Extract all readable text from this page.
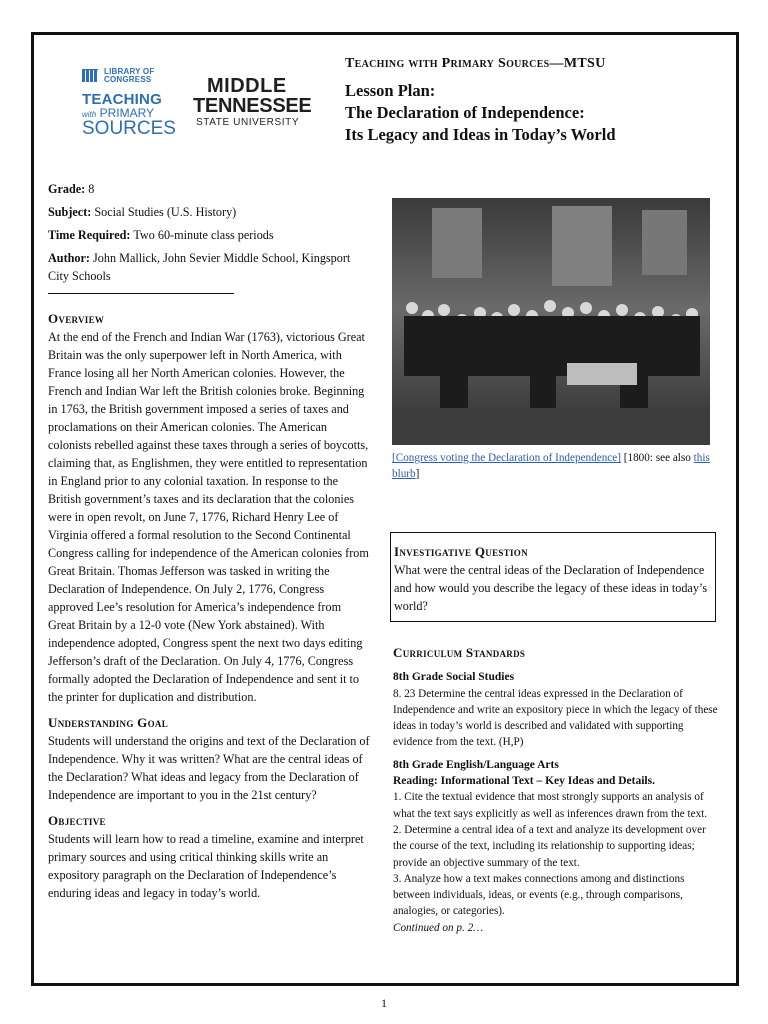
LIBRARY OF
CONGRESS
TEACHING
with PRIMARY
SOURCES
MIDDLE
TENNESSEE
STATE UNIVERSITY
Teaching with Primary Sources—MTSU
Lesson Plan:
The Declaration of Independence:
Its Legacy and Ideas in Today’s World

Grade: 8

Subject: Social Studies (U.S. History)

Time Required: Two 60-minute class periods

Author: John Mallick, John Sevier Middle School, Kingsport City Schools

Overview

At the end of the French and Indian War (1763), victorious Great Britain was the only superpower left in North America, with France losing all her North American colonies. However, the French and Indian War left the British colonies broke. Beginning in 1763, the British government imposed a series of taxes and proclamations on their American colonies. The American colonists rebelled against these taxes through a series of boycotts, claiming that, as Englishmen, they were entitled to representation in England prior to any colonial taxation. In response to the British government’s taxes and its declaration that the colonies were in open revolt, on June 7, 1776, Richard Henry Lee of Virginia offered a formal resolution to the Second Continental Congress calling for independence of the American colonies from Great Britain. Thomas Jefferson was tasked in writing the Declaration of Independence. On July 2, 1776, Congress approved Lee’s resolution for America’s independence from Great Britain by a 12-0 vote (New York abstained). With independence adopted, Congress spent the next two days editing Jefferson’s draft of the Declaration. On July 4, 1776, Congress formally adopted the Declaration of Independence and sent it to the printer for duplication and distribution.

Understanding Goal

Students will understand the origins and text of the Declaration of Independence. Why it was written? What are the central ideas of the Declaration? What ideas and legacy from the Declaration of Independence are important to you in the 21st century?

Objective

Students will learn how to read a timeline, examine and interpret primary sources and using critical thinking skills write an expository paragraph on the Declaration of Independence’s enduring ideas and legacy in today’s world.

[Congress voting the Declaration of Independence] [1800: see also this blurb]

Investigative Question

What were the central ideas of the Declaration of Independence and how would you describe the legacy of these ideas in today’s world?

Curriculum Standards

8th Grade Social Studies

8. 23 Determine the central ideas expressed in the Declaration of Independence and write an expository piece in which the legacy of these ideas in today’s world is described and validated with supporting evidence from the text. (H,P)

8th Grade English/Language Arts
Reading: Informational Text – Key Ideas and Details.
1. Cite the textual evidence that most strongly supports an analysis of what the text says explicitly as well as inferences drawn from the text.
2. Determine a central idea of a text and analyze its development over the course of the text, including its relationship to supporting ideas; provide an objective summary of the text.
3. Analyze how a text makes connections among and distinctions between individuals, ideas, or events (e.g., through comparisons, analogies, or categories).
Continued on p. 2…
1
